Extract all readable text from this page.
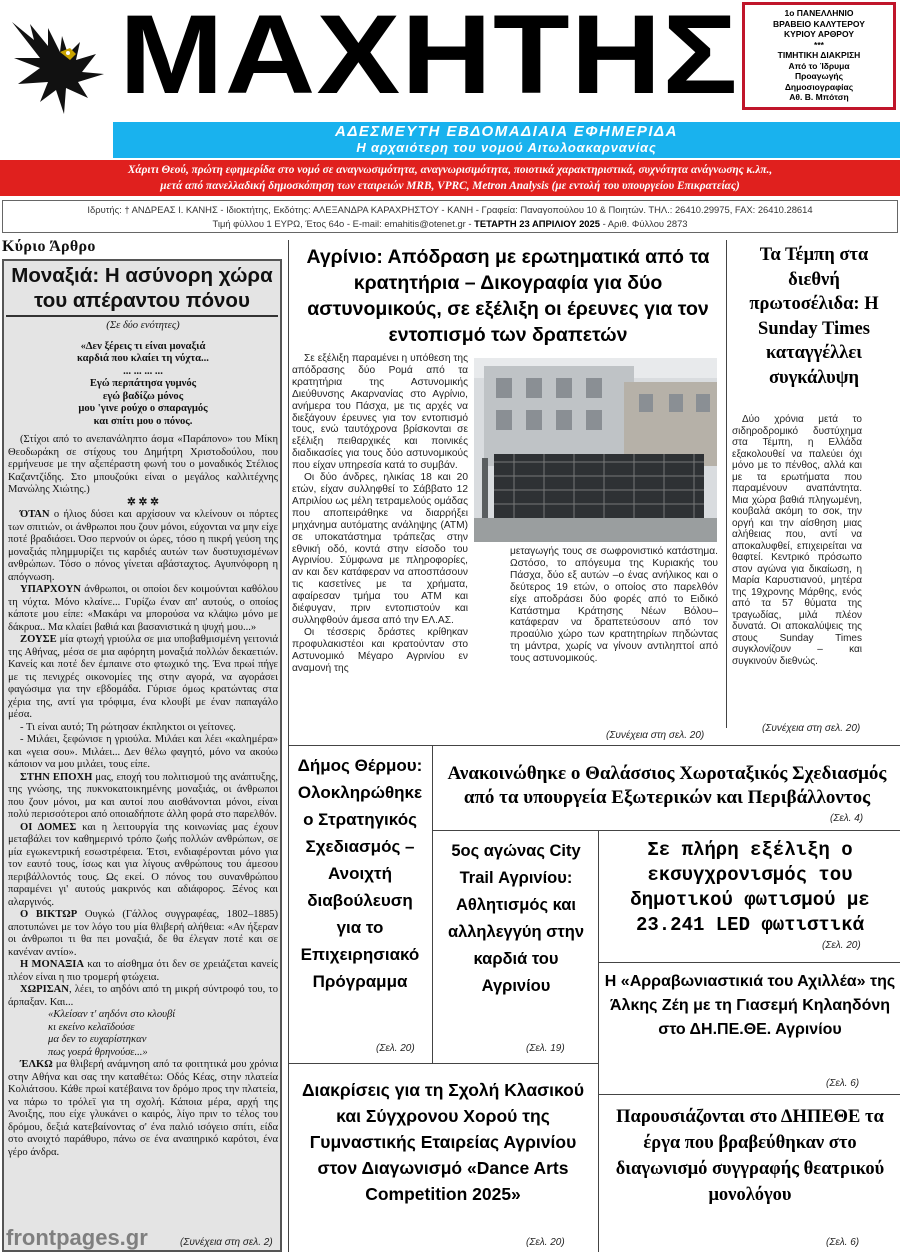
ΜΑΧΗΤΗΣ	1ο ΠΑΝΕΛΛΗΝΙΟ
ΒΡΑΒΕΙΟ ΚΑΛΥΤΕΡΟΥ
ΚΥΡΙΟΥ ΑΡΘΡΟΥ
***
ΤΙΜΗΤΙΚΗ ΔΙΑΚΡΙΣΗ
Από το Ίδρυμα
Προαγωγής
Δημοσιογραφίας
Αθ. Β. Μπότση
ΑΔΕΣΜΕΥΤΗ ΕΒΔΟΜΑΔΙΑΙΑ ΕΦΗΜΕΡΙΔΑ
Η αρχαιότερη του νομού Αιτωλοακαρνανίας
Χάριτι Θεού, πρώτη εφημερίδα στο νομό σε αναγνωσιμότητα, αναγνωρισιμότητα, ποιοτικά χαρακτηριστικά, συχνότητα ανάγνωσης κ.λπ.,
μετά από πανελλαδική δημοσκόπηση των εταιρειών MRB, VPRC, Metron Analysis (με εντολή του υπουργείου Επικρατείας)
Ιδρυτής: † ΑΝΔΡΕΑΣ Ι. ΚΑΝΗΣ - Ιδιοκτήτης, Εκδότης: ΑΛΕΞΑΝΔΡΑ ΚΑΡΑΧΡΗΣΤΟΥ - ΚΑΝΗ - Γραφεία: Παναγοπούλου 10 & Ποιητών. ΤΗΛ.: 26410.29975, FAX: 26410.28614
Τιμή φύλλου 1 ΕΥΡΩ, Έτος 64ο - E-mail: emahitis@otenet.gr - ΤΕΤΑΡΤΗ 23 ΑΠΡΙΛΙΟΥ 2025 - Αριθ. Φύλλου 2873
Κύριο Άρθρο
Μοναξιά: Η ασύνορη χώρα
του απέραντου πόνου

(Σε δύο ενότητες)

«Δεν ξέρεις τι είναι μοναξιά
καρδιά που κλαίει τη νύχτα...
... ... ... ...
Εγώ περπάτησα γυμνός
εγώ βαδίζω μόνος
μου 'γινε ρούχο ο σπαραγμός
και σπίτι μου ο πόνος.

(Στίχοι από το ανεπανάληπτο άσμα «Παράπονο» του Μίκη Θεοδωράκη σε στίχους του Δημήτρη Χριστοδούλου, που ερμήνευσε με την αξεπέραστη φωνή του ο μοναδικός Στέλιος Καζαντζίδης. Στο μπουζούκι είναι ο μεγάλος καλλιτέχνης Μανώλης Χιώτης.)

✲ ✲ ✲

ΌΤΑΝ ο ήλιος δύσει και αρχίσουν να κλείνουν οι πόρτες των σπιτιών, οι άνθρωποι που ζουν μόνοι, εύχονται να μην είχε ποτέ βραδιάσει. Όσο περνούν οι ώρες, τόσο η πικρή γεύση της μοναξιάς πλημμυρίζει τις καρδιές αυτών των δυστυχισμένων ανθρώπων. Τόσο ο πόνος γίνεται αβάσταχτος. Αγυπνόφορη η απόγνωση.

ΥΠΑΡΧΟΥΝ άνθρωποι, οι οποίοι δεν κοιμούνται καθόλου τη νύχτα. Μόνο κλαίνε... Γυρίζω έναν απ' αυτούς, ο οποίος κάποτε μου είπε: «Μακάρι να μπορούσα να κλάψω μόνο με δάκρυα.. Μα κλαίει βαθιά και βασανιστικά η ψυχή μου...»

ΖΟΥΣΕ μία φτωχή γριούλα σε μια υποβαθμισμένη γειτονιά της Αθήνας, μέσα σε μια αφόρητη μοναξιά πολλών δεκαετιών. Κανείς και ποτέ δεν έμπαινε στο φτωχικό της. Ένα πρωί πήγε με τις πενιχρές οικονομίες της στην αγορά, να αγοράσει φαγώσιμα για την εβδομάδα. Γύρισε όμως κρατώντας στα χέρια της, αντί για τρόφιμα, ένα κλουβί με έναν παπαγάλο μέσα.

- Τι είναι αυτό; Τη ρώτησαν έκπληκτοι οι γείτονες.

- Μιλάει, ξεφώνισε η γριούλα. Μιλάει και λέει «καλημέρα» και «γεια σου». Μιλάει... Δεν θέλω φαγητό, μόνο να ακούω κάποιον να μου μιλάει, τους είπε.

ΣΤΗΝ ΕΠΟΧΗ μας, εποχή του πολιτισμού της ανάπτυξης, της γνώσης, της πυκνοκατοικημένης μοναξιάς, οι άνθρωποι που ζουν μόνοι, μα και αυτοί που αισθάνονται μόνοι, είναι πολύ περισσότεροι από οποιαδήποτε άλλη φορά στο παρελθόν.

ΟΙ ΔΟΜΕΣ και η λειτουργία της κοινωνίας μας έχουν μεταβάλει τον καθημερινό τρόπο ζωής πολλών ανθρώπων, σε μία εγωκεντρική εσωστρέφεια. Έτσι, ενδιαφέρονται μόνο για τον εαυτό τους, ίσως και για λίγους ανθρώπους του άμεσου περιβάλλοντός τους. Ως εκεί. Ο πόνος του συνανθρώπου παραμένει γι' αυτούς μακρινός και αδιάφορος. Ξένος και αλαργινός.

Ο ΒΙΚΤΩΡ Ουγκώ (Γάλλος συγγραφέας, 1802–1885) αποτυπώνει με τον λόγο του μία θλιβερή αλήθεια: «Αν ήξεραν οι άνθρωποι τι θα πει μοναξιά, δε θα έλεγαν ποτέ και σε κανέναν αντίο».

Η ΜΟΝΑΞΙΑ και το αίσθημα ότι δεν σε χρειάζεται κανείς πλέον είναι η πιο τρομερή φτώχεια.

ΧΩΡΙΣΑΝ, λέει, το αηδόνι από τη μικρή σύντροφό του, το άρπαξαν. Και...

«Κλείσαν τ' αηδόνι στο κλουβί
κι εκείνο κελαϊδούσε
μα δεν το ευχαρίστηκαν
πως γοερά θρηνούσε...»

ΈΛΚΩ μα θλιβερή ανάμνηση από τα φοιτητικά μου χρόνια στην Αθήνα και σας την καταθέτω: Οδός Κέας, στην πλατεία Κολιάτσου. Κάθε πρωί κατέβαινα τον δρόμο προς την πλατεία, να πάρω το τρόλεϊ για τη σχολή. Κάποια μέρα, αρχή της Άνοιξης, που είχε γλυκάνει ο καιρός, λίγο πριν το τέλος του δρόμου, δεξιά κατεβαίνοντας σ' ένα παλιό ισόγειο σπίτι, είδα στο ανοιχτό παράθυρο, πάνω σε ένα αναπηρικό καρότσι, ένα γέρο άνδρα.

(Συνέχεια στη σελ. 2)
Αγρίνιο: Απόδραση με ερωτηματικά από τα κρατητήρια – Δικογραφία για δύο αστυνομικούς, σε εξέλιξη οι έρευνες για τον εντοπισμό των δραπετών

Σε εξέλιξη παραμένει η υπόθεση της απόδρασης δύο Ρομά από τα κρατητήρια της Αστυνομικής Διεύθυνσης Ακαρνανίας στο Αγρίνιο, ανήμερα του Πάσχα, με τις αρχές να διεξάγουν έρευνες για τον εντοπισμό τους, ενώ ταυτόχρονα βρίσκονται σε εξέλιξη πειθαρχικές και ποινικές διαδικασίες για τους δύο αστυνομικούς που είχαν υπηρεσία κατά το συμβάν.

Οι δύο άνδρες, ηλικίας 18 και 20 ετών, είχαν συλληφθεί το Σάββατο 12 Απριλίου ως μέλη τετραμελούς ομάδας που αποπειράθηκε να διαρρήξει μηχάνημα αυτόματης ανάληψης (ΑΤΜ) σε υποκατάστημα τράπεζας στην εθνική οδό, κοντά στην είσοδο του Αγρινίου. Σύμφωνα με πληροφορίες, αν και δεν κατάφεραν να αποσπάσουν τις κασετίνες με τα χρήματα, αφαίρεσαν τμήμα του ΑΤΜ και διέφυγαν, πριν εντοπιστούν και συλληφθούν άμεσα από την ΕΛ.ΑΣ.

Οι τέσσερις δράστες κρίθηκαν προφυλακιστέοι και κρατούνταν στο Αστυνομικό Μέγαρο Αγρινίου εν αναμονή της

μεταγωγής τους σε σωφρονιστικό κατάστημα. Ωστόσο, το απόγευμα της Κυριακής του Πάσχα, δύο εξ αυτών –ο ένας ανήλικος και ο δεύτερος 19 ετών, ο οποίος στο παρελθόν είχε αποδράσει δύο φορές από το Ειδικό Κατάστημα Κράτησης Νέων Βόλου– κατάφεραν να δραπετεύσουν από τον προαύλιο χώρο των κρατητηρίων πηδώντας τη μάντρα, χωρίς να γίνουν αντιληπτοί από τους αστυνομικούς.
(Συνέχεια στη σελ. 20)
Τα Τέμπη στα διεθνή πρωτοσέλιδα: Η Sunday Times καταγγέλλει συγκάλυψη
Δύο χρόνια μετά το σιδηροδρομικό δυστύχημα στα Τέμπη, η Ελλάδα εξακολουθεί να παλεύει όχι μόνο με το πένθος, αλλά και με τα ερωτήματα που παραμένουν αναπάντητα. Μια χώρα βαθιά πληγωμένη, κουβαλά ακόμη το σοκ, την οργή και την αίσθηση μιας αλήθειας που, αντί να αποκαλυφθεί, επιχειρείται να θαφτεί. Κεντρικό πρόσωπο στον αγώνα για δικαίωση, η Μαρία Καρυστιανού, μητέρα της 19χρονης Μάρθης, ενός από τα 57 θύματα της τραγωδίας, μιλά πλέον δυνατά. Οι αποκαλύψεις της στους Sunday Times συγκλονίζουν – και συγκινούν διεθνώς.
(Συνέχεια στη σελ. 20)
Δήμος Θέρμου: Ολοκληρώθηκε ο Στρατηγικός Σχεδιασμός – Ανοιχτή διαβούλευση για το Επιχειρησιακό Πρόγραμμα
(Σελ. 20)
Ανακοινώθηκε ο Θαλάσσιος Χωροταξικός Σχεδιασμός από τα υπουργεία Εξωτερικών και Περιβάλλοντος
(Σελ. 4)
5ος αγώνας City Trail Αγρινίου: Αθλητισμός και αλληλεγγύη στην καρδιά του Αγρινίου
(Σελ. 19)
Σε πλήρη εξέλιξη ο εκσυγχρονισμός του δημοτικού φωτισμού με 23.241 LED φωτιστικά
(Σελ. 20)
Η «Αρραβωνιαστικιά του Αχιλλέα» της Άλκης Ζέη με τη Γιασεμή Κηλαηδόνη στο ΔΗ.ΠΕ.ΘΕ. Αγρινίου
(Σελ. 6)
Διακρίσεις για τη Σχολή Κλασικού και Σύγχρονου Χορού της Γυμναστικής Εταιρείας Αγρινίου στον Διαγωνισμό «Dance Arts Competition 2025»
(Σελ. 20)
Παρουσιάζονται στο ΔΗΠΕΘΕ τα έργα που βραβεύθηκαν στο διαγωνισμό συγγραφής θεατρικού μονολόγου
(Σελ. 6)
frontpages.gr
